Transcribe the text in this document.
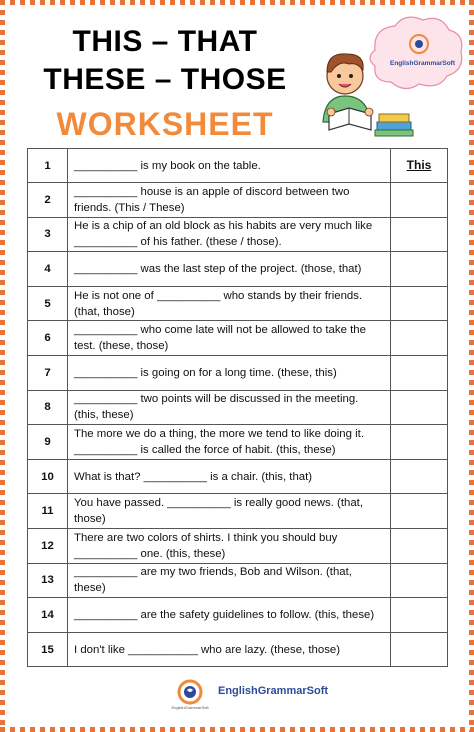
THIS – THAT
THESE – THOSE
WORKSHEET
EnglishGrammarSoft
1	__________ is my book on the table.	This
2	__________ house is an apple of discord between two friends. (This / These)	
3	He is a chip of an old block as his habits are very much like __________ of his father. (these / those).	
4	__________ was the last step of the project. (those, that)	
5	He is not one of __________ who stands by their friends. (that, those)	
6	__________ who come late will not be allowed to take the test. (these, those)	
7	__________ is going on for a long time. (these, this)	
8	__________ two points will be discussed in the meeting. (this, these)	
9	The more we do a thing, the more we tend to like doing it. __________ is called the force of habit. (this, these)	
10	What is that? __________ is a chair. (this, that)	
11	You have passed. __________ is really good news. (that, those)	
12	There are two colors of shirts. I think you should buy __________ one. (this, these)	
13	__________ are my two friends, Bob and Wilson. (that, these)	
14	__________ are the safety guidelines to follow. (this, these)	
15	I don't like ___________ who are lazy. (these, those)	
EnglishGrammarSoft
EnglishGrammarSoft
